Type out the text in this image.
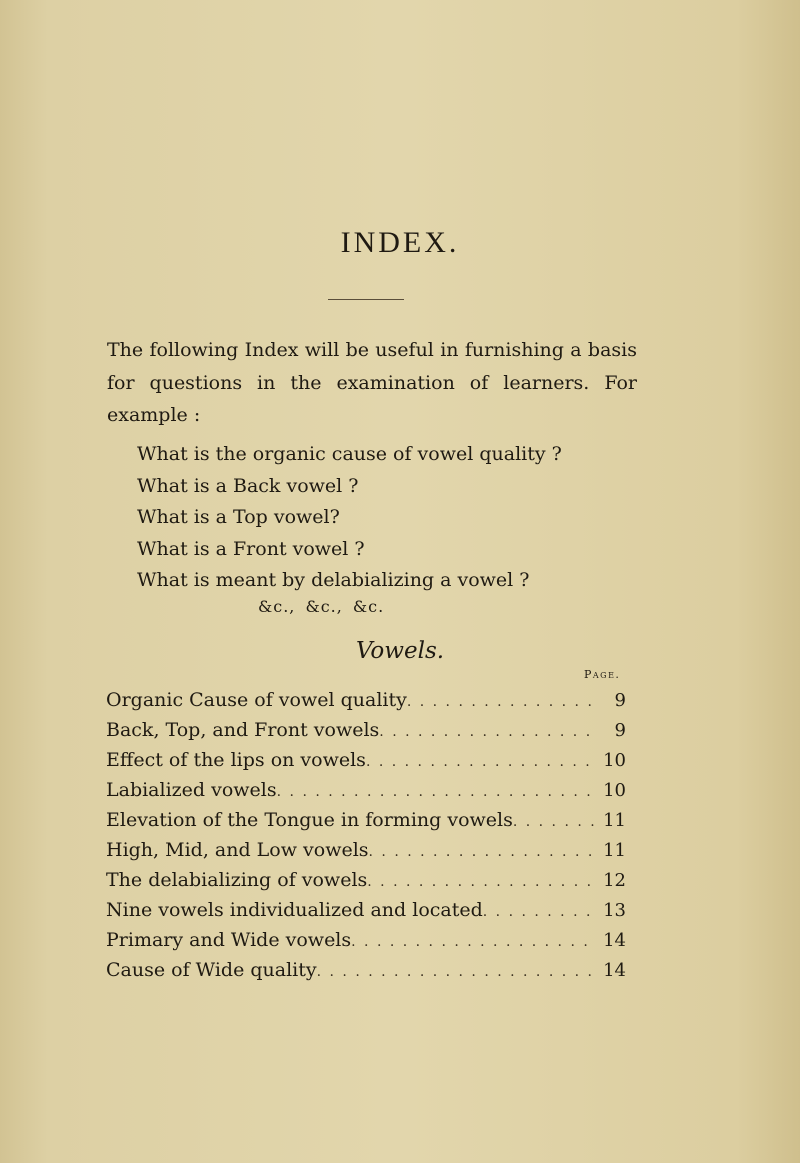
INDEX.
The following Index will be useful in furnishing a basis for questions in the examination of learners. For example :
What is the organic cause of vowel quality ?
What is a Back vowel ?
What is a Top vowel?
What is a Front vowel ?
What is meant by delabializing a vowel ?
&c., &c., &c.
Vowels.
Page.
Organic Cause of vowel quality . . .	9
Back, Top, and Front vowels . . .	9
Effect of the lips on vowels . . .	10
Labialized vowels . . .	10
Elevation of the Tongue in forming vowels . . .	11
High, Mid, and Low vowels . . .	11
The delabializing of vowels . . .	12
Nine vowels individualized and located . . .	13
Primary and Wide vowels . . .	14
Cause of Wide quality . . .	14
